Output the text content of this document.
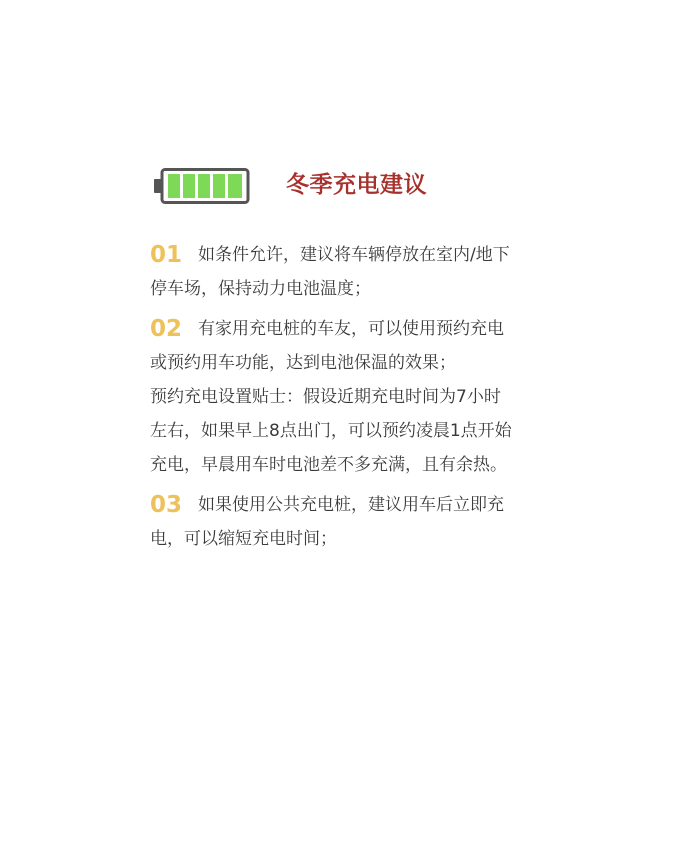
冬季充电建议

01 如条件允许，建议将车辆停放在室内/地下

停车场，保持动力电池温度；

02 有家用充电桩的车友，可以使用预约充电

或预约用车功能，达到电池保温的效果；

预约充电设置贴士：假设近期充电时间为7小时

左右，如果早上8点出门，可以预约凌晨1点开始

充电，早晨用车时电池差不多充满，且有余热。

03 如果使用公共充电桩，建议用车后立即充

电，可以缩短充电时间；
